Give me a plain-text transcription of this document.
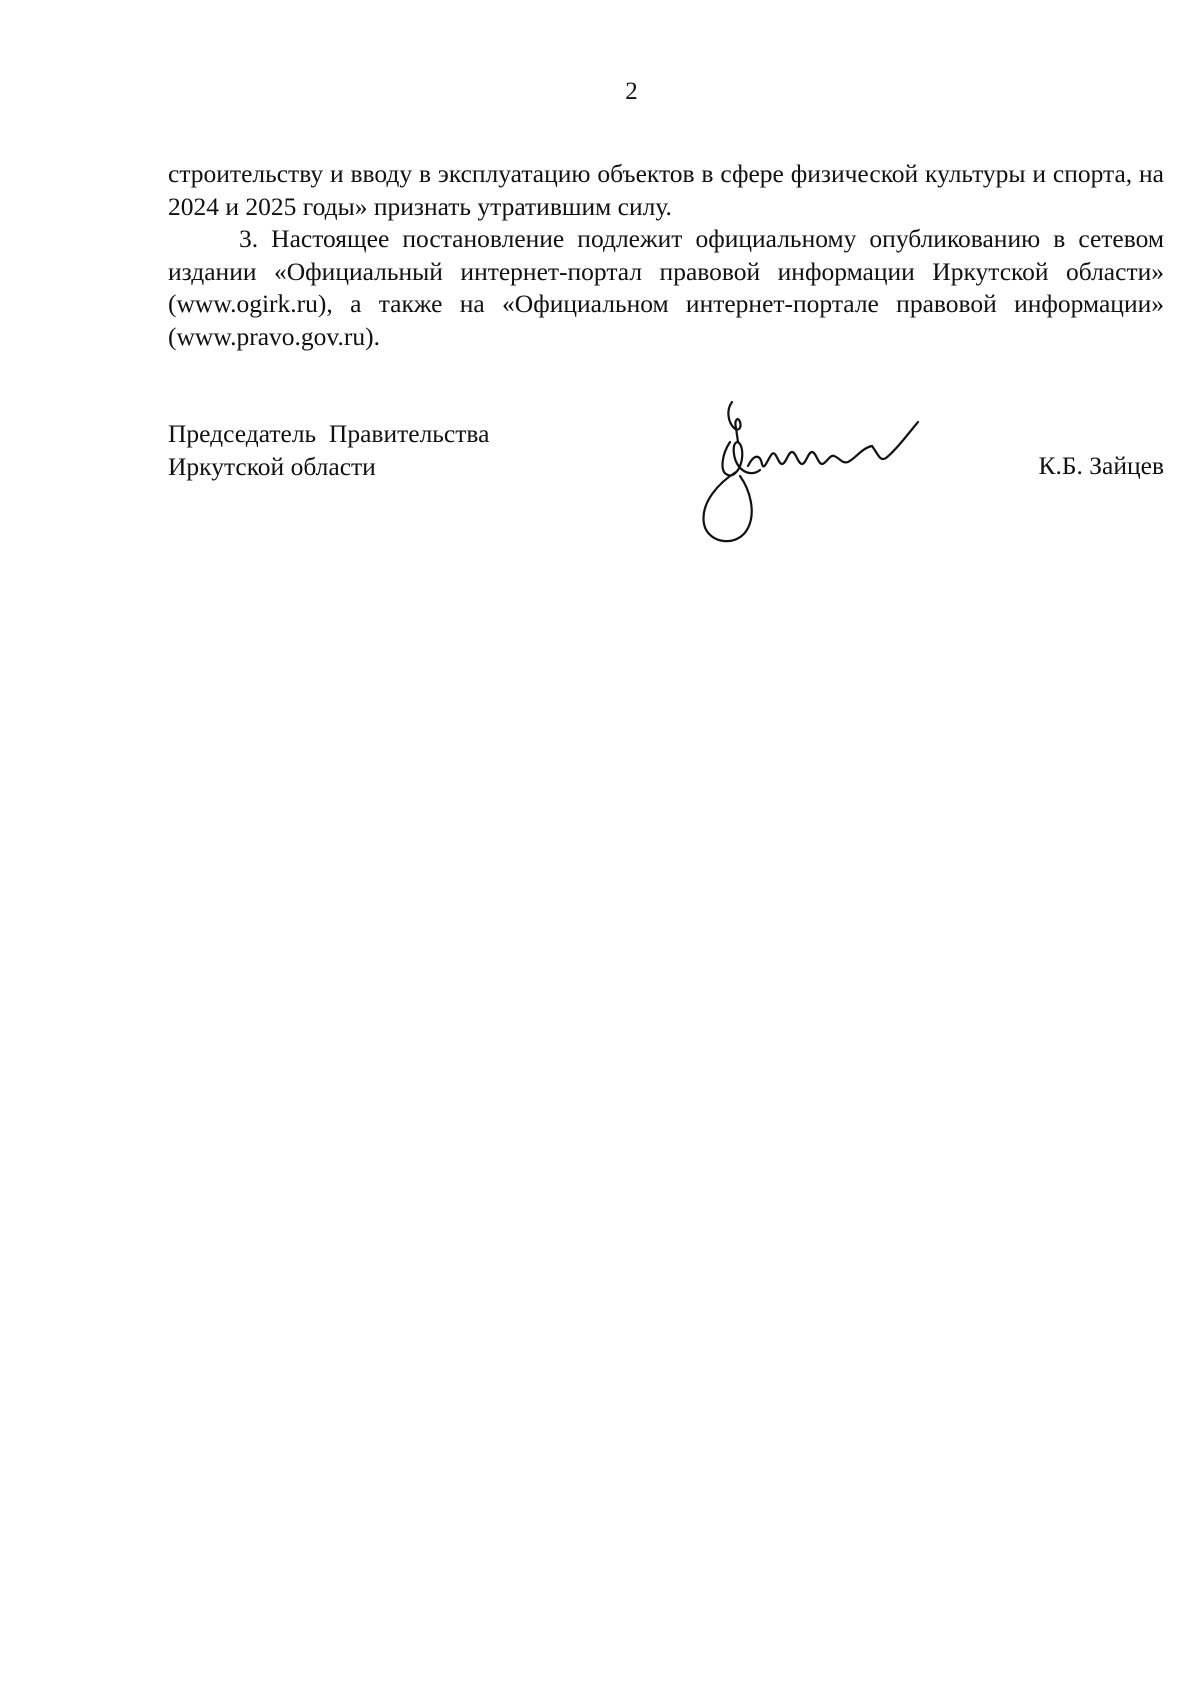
2

строительству и вводу в эксплуатацию объектов в сфере физической культуры и спорта, на 2024 и 2025 годы» признать утратившим силу.

3. Настоящее постановление подлежит официальному опубликованию в сетевом издании «Официальный интернет-портал правовой информации Иркутской области» (www.ogirk.ru), а также на «Официальном интернет-портале правовой информации» (www.pravo.gov.ru).

Председатель  Правительства
Иркутской области	К.Б. Зайцев
